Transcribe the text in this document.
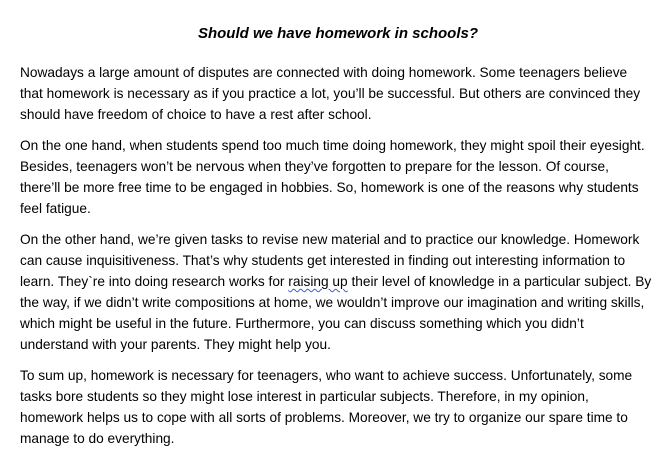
Should we have homework in schools?

Nowadays a large amount of disputes are connected with doing homework. Some teenagers believe that homework is necessary as if you practice a lot, you’ll be successful. But others are convinced they should have freedom of choice to have a rest after school.

On the one hand, when students spend too much time doing homework, they might spoil their eyesight. Besides, teenagers won’t be nervous when they’ve forgotten to prepare for the lesson. Of course, there’ll be more free time to be engaged in hobbies. So, homework is one of the reasons why students feel fatigue.

On the other hand, we’re given tasks to revise new material and to practice our knowledge. Homework can cause inquisitiveness. That’s why students get interested in finding out interesting information to learn. They`re into doing research works for raising up their level of knowledge in a particular subject. By the way, if we didn’t write compositions at home, we wouldn’t improve our imagination and writing skills, which might be useful in the future. Furthermore, you can discuss something which you didn’t understand with your parents. They might help you.

To sum up, homework is necessary for teenagers, who want to achieve success. Unfortunately, some tasks bore students so they might lose interest in particular subjects. Therefore, in my opinion, homework helps us to cope with all sorts of problems. Moreover, we try to organize our spare time to manage to do everything.
